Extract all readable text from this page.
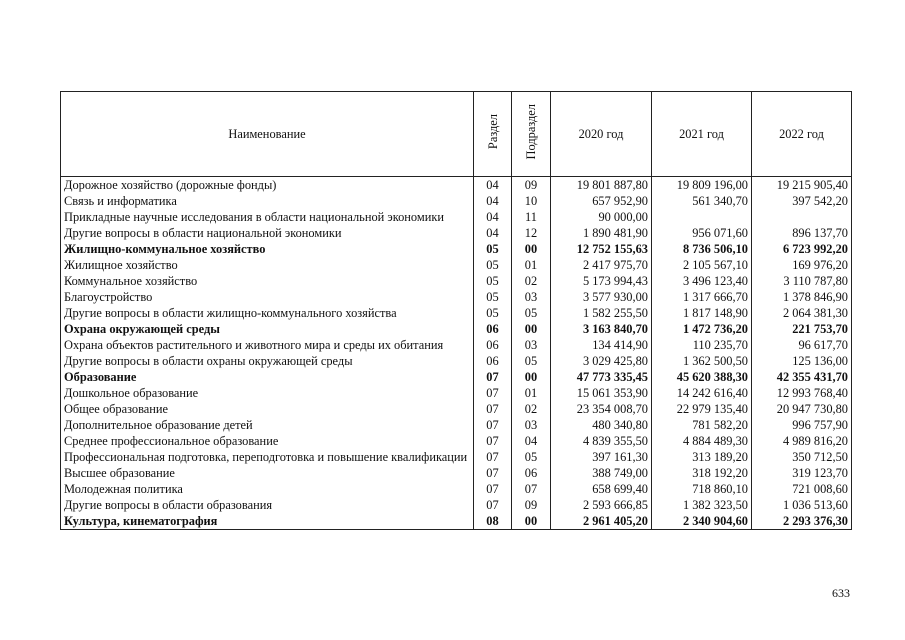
Наименование	Раздел	Подраздел	2020 год	2021 год	2022 год
Дорожное хозяйство (дорожные фонды)	04	09	19 801 887,80	19 809 196,00	19 215 905,40
Связь и информатика	04	10	657 952,90	561 340,70	397 542,20
Прикладные научные исследования в области национальной экономики	04	11	90 000,00		
Другие вопросы в области национальной экономики	04	12	1 890 481,90	956 071,60	896 137,70
Жилищно-коммунальное хозяйство	05	00	12 752 155,63	8 736 506,10	6 723 992,20
Жилищное хозяйство	05	01	2 417 975,70	2 105 567,10	169 976,20
Коммунальное хозяйство	05	02	5 173 994,43	3 496 123,40	3 110 787,80
Благоустройство	05	03	3 577 930,00	1 317 666,70	1 378 846,90
Другие вопросы в области жилищно-коммунального хозяйства	05	05	1 582 255,50	1 817 148,90	2 064 381,30
Охрана окружающей среды	06	00	3 163 840,70	1 472 736,20	221 753,70
Охрана объектов растительного и животного мира и среды их обитания	06	03	134 414,90	110 235,70	96 617,70
Другие вопросы в области охраны окружающей среды	06	05	3 029 425,80	1 362 500,50	125 136,00
Образование	07	00	47 773 335,45	45 620 388,30	42 355 431,70
Дошкольное образование	07	01	15 061 353,90	14 242 616,40	12 993 768,40
Общее образование	07	02	23 354 008,70	22 979 135,40	20 947 730,80
Дополнительное образование детей	07	03	480 340,80	781 582,20	996 757,90
Среднее профессиональное образование	07	04	4 839 355,50	4 884 489,30	4 989 816,20
Профессиональная подготовка, переподготовка и повышение квалификации	07	05	397 161,30	313 189,20	350 712,50
Высшее образование	07	06	388 749,00	318 192,20	319 123,70
Молодежная политика	07	07	658 699,40	718 860,10	721 008,60
Другие вопросы в области образования	07	09	2 593 666,85	1 382 323,50	1 036 513,60
Культура, кинематография	08	00	2 961 405,20	2 340 904,60	2 293 376,30
633
